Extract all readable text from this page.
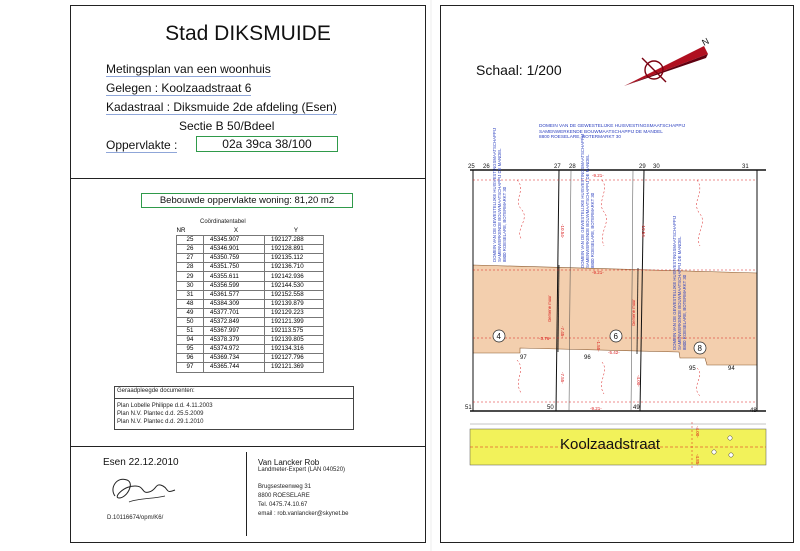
Stad DIKSMUIDE
Metingsplan van een woonhuis
Gelegen : Koolzaadstraat 6
Kadastraal : Diksmuide 2de afdeling (Esen)
Sectie B 50/Bdeel
Oppervlakte :	02a 39ca 38/100
Bebouwde oppervlakte woning: 81,20 m2
Coördinatentabel
NR	X	Y
25	45345.907	192127.288
26	45346.901	192128.891
27	45350.759	192135.112
28	45351.750	192136.710
29	45355.611	192142.936
30	45356.599	192144.530
31	45361.577	192152.558
48	45384.309	192139.879
49	45377.701	192129.223
50	45372.849	192121.399
51	45367.997	192113.575
94	45378.379	192139.805
95	45374.972	192134.316
96	45369.734	192127.796
97	45365.744	192121.369
Geraadpleegde documenten:
Plan Lobelle Philippe d.d. 4.11.2003
Plan N.V. Plantec d.d. 25.5.2009
Plan N.V. Plantec d.d. 29.1.2010
Esen 22.12.2010
D.10116674/opm/K6/
Van Lancker Rob
Landmeter-Expert (LAN 040520)
Brugsesteenweg 31
8800 ROESELARE
Tel. 0475.74.10.67
email : rob.vanlancker@skynet.be
Schaal: 1/200
N
DOMEIN VAN DE GEWESTELIJKE HUISVESTINGSMAATSCHAPPIJ
SAMENWERKENDE BOUWMAATSCHAPPIJ DE MANDEL
8800 ROESELARE, BOTERMARKT 30
4	6
8
25 26	27 28	29 30	31
51	50	49	48
97	96
95	94
-9.21-
-9.21-
-9.21-
-3.76-
-5.42-
-10.54-	-10.54-
-7.45-
-1.55-
-7.55-	-4.00-
Gemene muur	Gemene muur
DOMEIN VAN DE GEWESTELIJKE HUISVESTINGSMAATSCHAPPIJ SAMENWERKENDE BOUWMAATSCHAPPIJ DE MANDEL 8800 ROESELARE, BOTERMARKT 30	DOMEIN VAN DE GEWESTELIJKE HUISVESTINGSMAATSCHAPPIJ SAMENWERKENDE BOUWMAATSCHAPPIJ DE MANDEL 8800 ROESELARE, BOTERMARKT 30	DOMEIN VAN DE GEWESTELIJKE HUISVESTINGSMAATSCHAPPIJ SAMENWERKENDE BOUWMAATSCHAPPIJ DE MANDEL 8800 ROESELARE, BOTERMARKT 30
-4.00-
-4.85-
Koolzaadstraat
